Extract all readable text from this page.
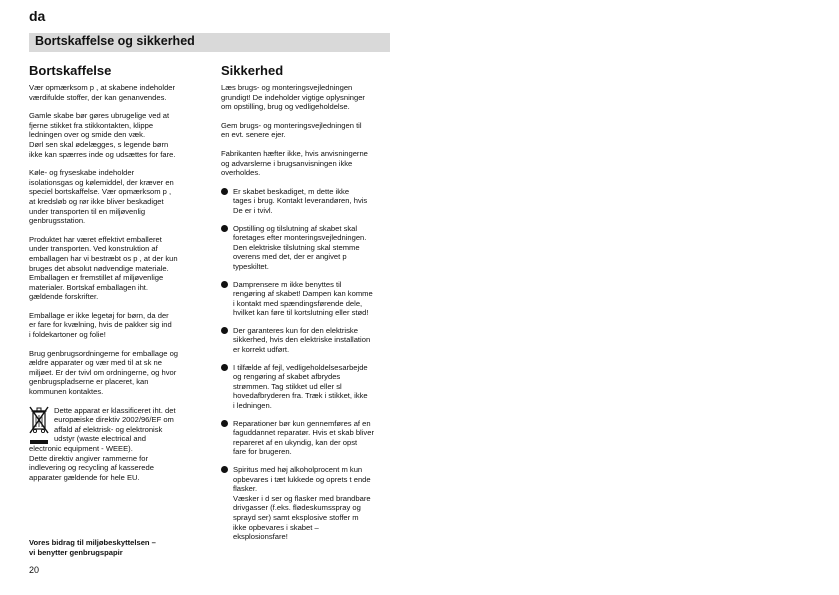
da
Bortskaffelse og sikkerhed
Bortskaffelse

Vær opmærksom p , at skabene indeholder
værdifulde stoffer, der kan genanvendes.

Gamle skabe bør gøres ubrugelige ved at
fjerne stikket fra stikkontakten, klippe
ledningen over og smide den væk.
Dørl sen skal ødelægges, s legende børn
ikke kan spærres inde og udsættes for fare.

Køle- og fryseskabe indeholder
isolationsgas og kølemiddel, der kræver en
speciel bortskaffelse. Vær opmærksom p ,
at kredsløb og rør ikke bliver beskadiget
under transporten til en miljøvenlig
genbrugsstation.

Produktet har været effektivt emballeret
under transporten. Ved konstruktion af
emballagen har vi bestræbt os p , at der kun
bruges det absolut nødvendige materiale.
Emballagen er fremstillet af miljøvenlige
materialer. Bortskaf emballagen iht.
gældende forskrifter.

Emballage er ikke legetøj for børn, da der
er fare for kvælning, hvis de pakker sig ind
i foldekartoner og folie!

Brug genbrugsordningerne for emballage og
ældre apparater og vær med til at sk ne
miljøet. Er der tvivl om ordningerne, og hvor
genbrugspladserne er placeret, kan
kommunen kontaktes.

Dette apparat er klassificeret iht. det
europæiske direktiv 2002/96/EF om
affald af elektrisk- og elektronisk
udstyr (waste electrical and
electronic equipment - WEEE).
Dette direktiv angiver rammerne for
indlevering og recycling af kasserede
apparater gældende for hele EU.
Sikkerhed

Læs brugs- og monteringsvejledningen
grundigt! De indeholder vigtige oplysninger
om opstilling, brug og vedligeholdelse.

Gem brugs- og monteringsvejledningen til
en evt. senere ejer.

Fabrikanten hæfter ikke, hvis anvisningerne
og advarslerne i brugsanvisningen ikke
overholdes.

Er skabet beskadiget, m dette ikke
tages i brug. Kontakt leverandøren, hvis
De er i tvivl.
Opstilling og tilslutning af skabet skal
foretages efter monteringsvejledningen.
Den elektriske tilslutning skal stemme
overens med det, der er angivet p
typeskiltet.
Damprensere m ikke benyttes til
rengøring af skabet! Dampen kan komme
i kontakt med spændingsførende dele,
hvilket kan føre til kortslutning eller stød!
Der garanteres kun for den elektriske
sikkerhed, hvis den elektriske installation
er korrekt udført.
I tilfælde af fejl, vedligeholdelsesarbejde
og rengøring af skabet afbrydes
strømmen. Tag stikket ud eller sl
hovedafbryderen fra. Træk i stikket, ikke
i ledningen.
Reparationer bør kun gennemføres af en
faguddannet reparatør. Hvis et skab bliver
repareret af en ukyndig, kan der opst
fare for brugeren.
Spiritus med høj alkoholprocent m kun
opbevares i tæt lukkede og oprets t ende
flasker.
Væsker i d ser og flasker med brandbare
drivgasser (f.eks. flødeskumsspray og
sprayd ser) samt eksplosive stoffer m
ikke opbevares i skabet –
eksplosionsfare!
Vores bidrag til miljøbeskyttelsen –
vi benytter genbrugspapir
20
